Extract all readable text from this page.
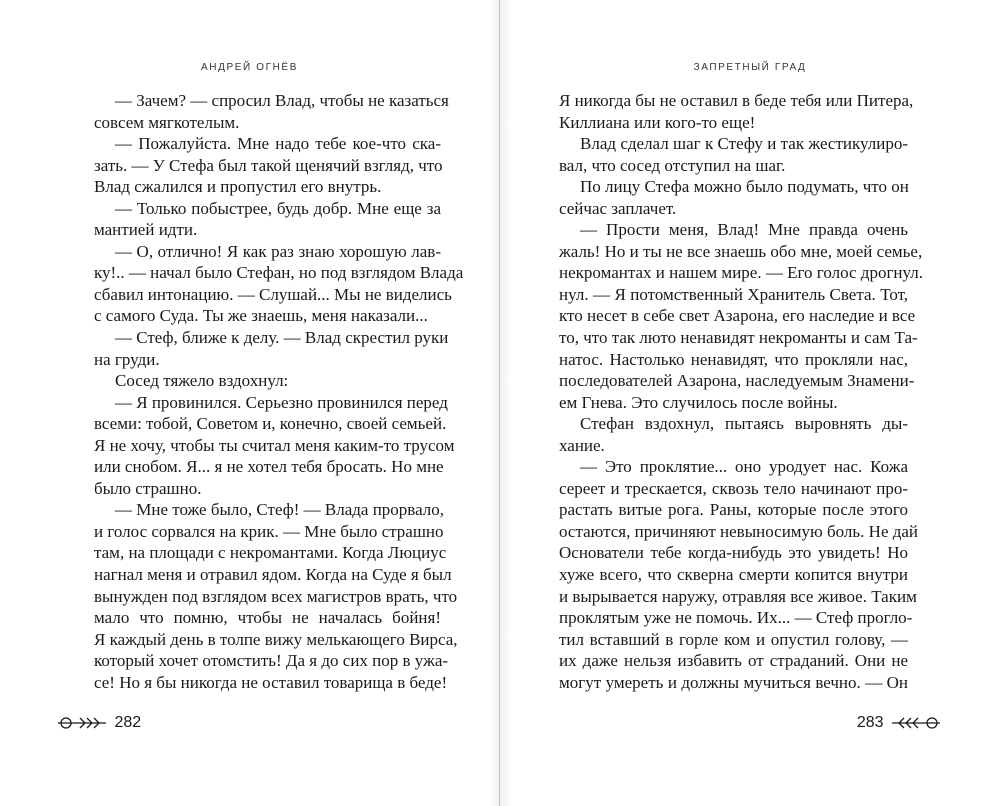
АНДРЕЙ ОГНЁВ
— Зачем? — спросил Влад, чтобы не казаться
совсем мягкотелым.
— Пожалуйста. Мне надо тебе кое-что ска-
зать. — У Стефа был такой щенячий взгляд, что
Влад сжалился и пропустил его внутрь.
— Только побыстрее, будь добр. Мне еще за
мантией идти.
— О, отлично! Я как раз знаю хорошую лав-
ку!.. — начал было Стефан, но под взглядом Влада
сбавил интонацию. — Слушай... Мы не виделись
с самого Суда. Ты же знаешь, меня наказали...
— Стеф, ближе к делу. — Влад скрестил руки
на груди.
Сосед тяжело вздохнул:
— Я провинился. Серьезно провинился перед
всеми: тобой, Советом и, конечно, своей семьей.
Я не хочу, чтобы ты считал меня каким-то трусом
или снобом. Я... я не хотел тебя бросать. Но мне
было страшно.
— Мне тоже было, Стеф! — Влада прорвало,
и голос сорвался на крик. — Мне было страшно
там, на площади с некромантами. Когда Люциус
нагнал меня и отравил ядом. Когда на Суде я был
вынужден под взглядом всех магистров врать, что
мало что помню, чтобы не началась бойня!
Я каждый день в толпе вижу мелькающего Вирса,
который хочет отомстить! Да я до сих пор в ужа-
се! Но я бы никогда не оставил товарища в беде!
282
ЗАПРЕТНЫЙ ГРАД
Я никогда бы не оставил в беде тебя или Питера,
Киллиана или кого-то еще!
Влад сделал шаг к Стефу и так жестикулиро-
вал, что сосед отступил на шаг.
По лицу Стефа можно было подумать, что он
сейчас заплачет.
— Прости меня, Влад! Мне правда очень
жаль! Но и ты не все знаешь обо мне, моей семье,
некромантах и нашем мире. — Его голос дрогнул.
нул. — Я потомственный Хранитель Света. Тот,
кто несет в себе свет Азарона, его наследие и все
то, что так люто ненавидят некроманты и сам Та-
натос. Настолько ненавидят, что прокляли нас,
последователей Азарона, наследуемым Знамени-
ем Гнева. Это случилось после войны.
Стефан вздохнул, пытаясь выровнять ды-
хание.
— Это проклятие... оно уродует нас. Кожа
сереет и трескается, сквозь тело начинают про-
растать витые рога. Раны, которые после этого
остаются, причиняют невыносимую боль. Не дай
Основатели тебе когда-нибудь это увидеть! Но
хуже всего, что скверна смерти копится внутри
и вырывается наружу, отравляя все живое. Таким
проклятым уже не помочь. Их... — Стеф прогло-
тил вставший в горле ком и опустил голову, —
их даже нельзя избавить от страданий. Они не
могут умереть и должны мучиться вечно. — Он
283
